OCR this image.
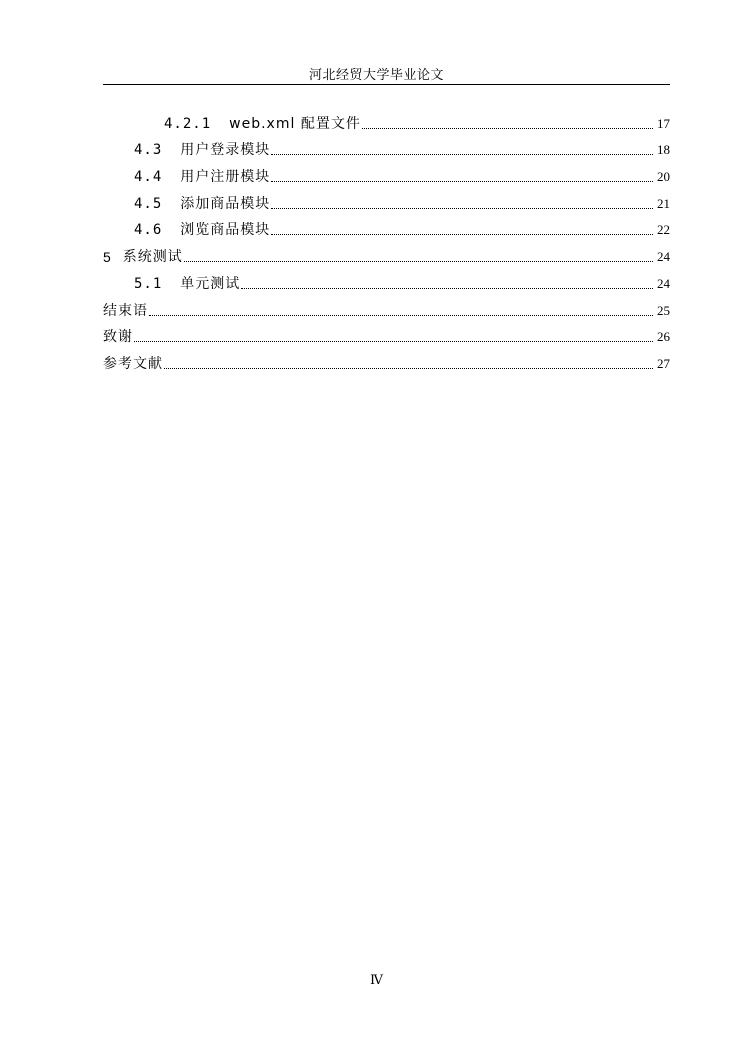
河北经贸大学毕业论文
4.2.1 web.xml 配置文件	17
4.3 用户登录模块	18
4.4 用户注册模块	20
4.5 添加商品模块	21
4.6 浏览商品模块	22
5 系统测试	24
5.1 单元测试	24
结束语	25
致谢	26
参考文献	27
Ⅳ
